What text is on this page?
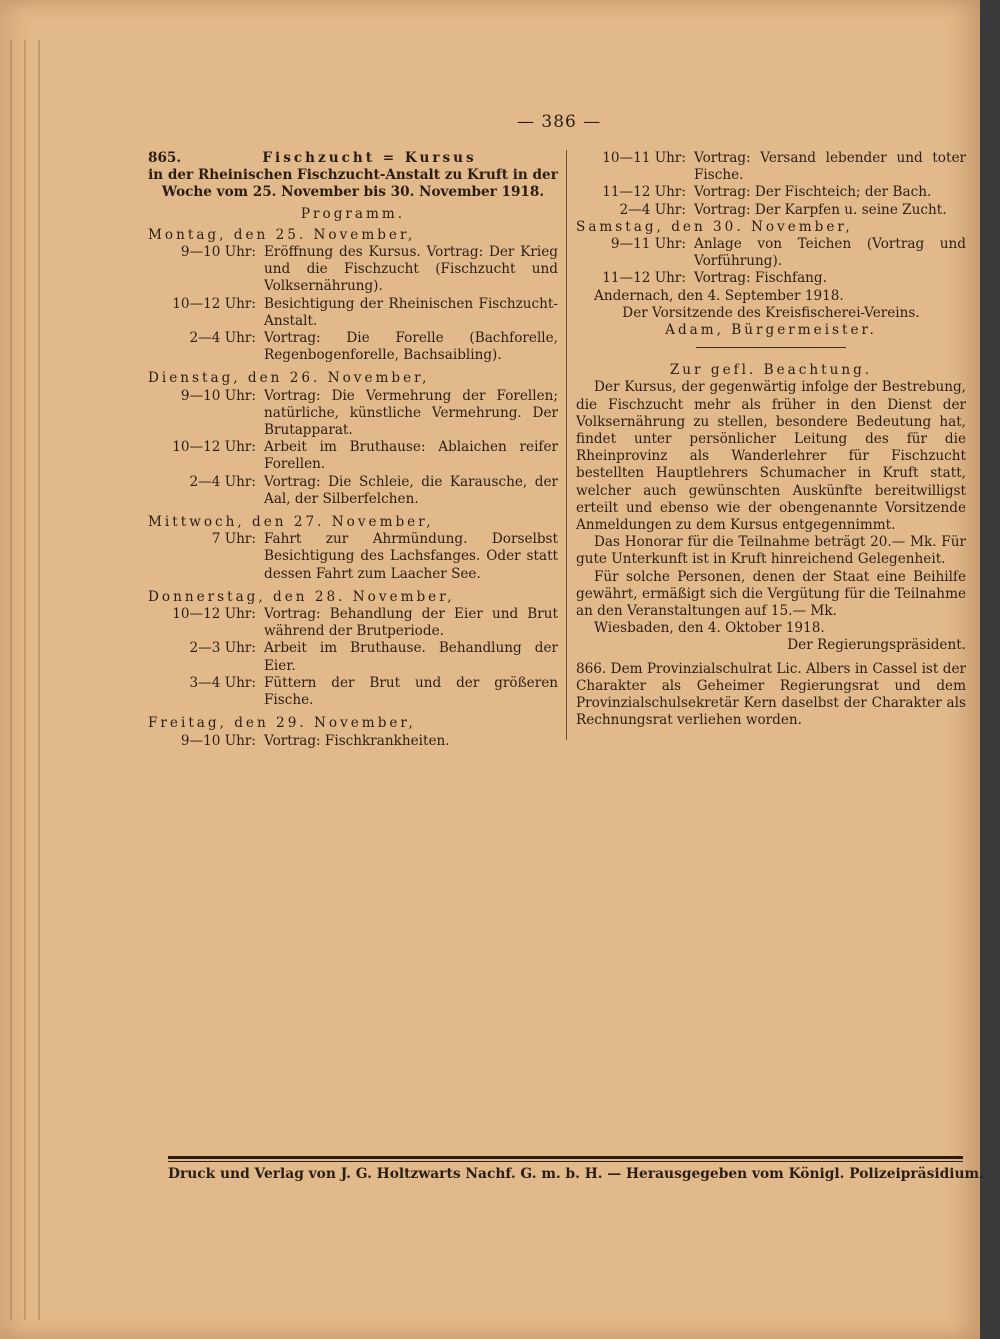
— 386 —

865.	Fischzucht = Kursus

in der Rheinischen Fischzucht-Anstalt zu Kruft in der

Woche vom 25. November bis 30. November 1918.

Programm.

Montag, den 25. November,

9—10 Uhr: Eröffnung des Kursus. Vortrag: Der Krieg und die Fischzucht (Fischzucht und Volksernährung).
10—12 Uhr: Besichtigung der Rheinischen Fischzucht-Anstalt.
2—4 Uhr: Vortrag: Die Forelle (Bachforelle, Regenbogenforelle, Bachsaibling).

Dienstag, den 26. November,

9—10 Uhr: Vortrag: Die Vermehrung der Forellen; natürliche, künstliche Vermehrung. Der Brutapparat.
10—12 Uhr: Arbeit im Bruthause: Ablaichen reifer Forellen.
2—4 Uhr: Vortrag: Die Schleie, die Karausche, der Aal, der Silberfelchen.

Mittwoch, den 27. November,

7 Uhr: Fahrt zur Ahrmündung. Dorselbst Besichtigung des Lachsfanges. Oder statt dessen Fahrt zum Laacher See.

Donnerstag, den 28. November,

10—12 Uhr: Vortrag: Behandlung der Eier und Brut während der Brutperiode.
2—3 Uhr: Arbeit im Bruthause. Behandlung der Eier.
3—4 Uhr: Füttern der Brut und der größeren Fische.

Freitag, den 29. November,

9—10 Uhr: Vortrag: Fischkrankheiten.
10—11 Uhr: Vortrag: Versand lebender und toter Fische.
11—12 Uhr: Vortrag: Der Fischteich; der Bach.
2—4 Uhr: Vortrag: Der Karpfen u. seine Zucht.

Samstag, den 30. November,

9—11 Uhr: Anlage von Teichen (Vortrag und Vorführung).
11—12 Uhr: Vortrag: Fischfang.

Andernach, den 4. September 1918.

Der Vorsitzende des Kreisfischerei-Vereins.

Adam, Bürgermeister.

Zur gefl. Beachtung.

Der Kursus, der gegenwärtig infolge der Bestrebung, die Fischzucht mehr als früher in den Dienst der Volksernährung zu stellen, besondere Bedeutung hat, findet unter persönlicher Leitung des für die Rheinprovinz als Wanderlehrer für Fischzucht bestellten Hauptlehrers Schumacher in Kruft statt, welcher auch gewünschten Auskünfte bereitwilligst erteilt und ebenso wie der obengenannte Vorsitzende Anmeldungen zu dem Kursus entgegennimmt.

Das Honorar für die Teilnahme beträgt 20.— Mk. Für gute Unterkunft ist in Kruft hinreichend Gelegenheit.

Für solche Personen, denen der Staat eine Beihilfe gewährt, ermäßigt sich die Vergütung für die Teilnahme an den Veranstaltungen auf 15.— Mk.

Wiesbaden, den 4. Oktober 1918.

Der Regierungspräsident.

866. Dem Provinzialschulrat Lic. Albers in Cassel ist der Charakter als Geheimer Regierungsrat und dem Provinzialschulsekretär Kern daselbst der Charakter als Rechnungsrat verliehen worden.

Druck und Verlag von J. G. Holtzwarts Nachf. G. m. b. H. — Herausgegeben vom Königl. Polizeipräsidium.
